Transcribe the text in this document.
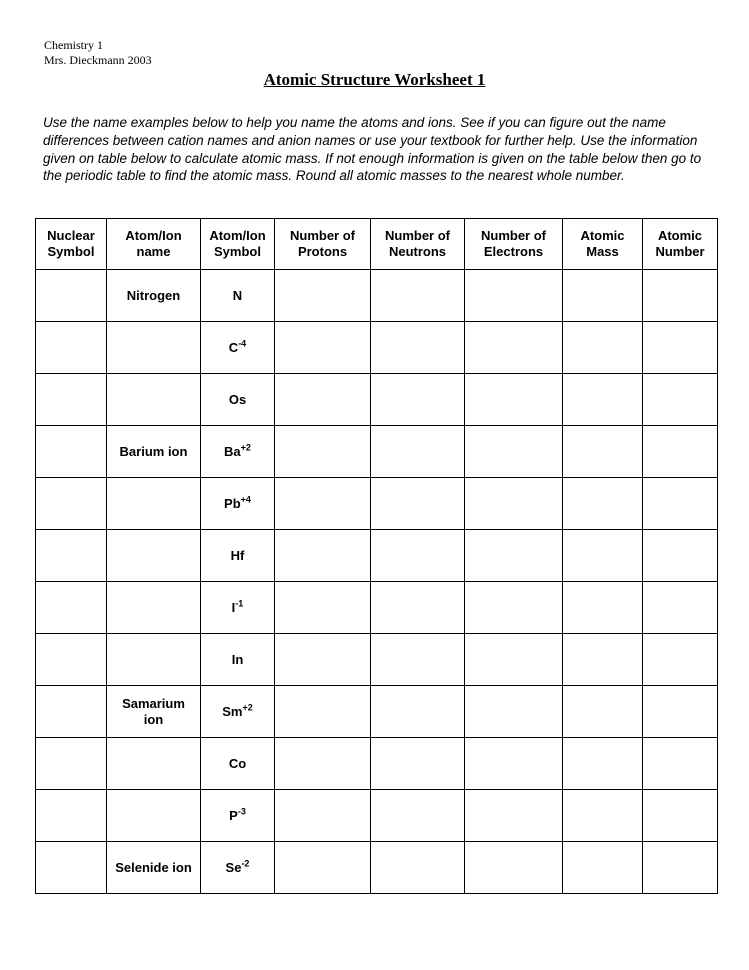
Chemistry 1
Mrs. Dieckmann 2003
Atomic Structure Worksheet 1
Use the name examples below to help you name the atoms and ions. See if you can figure out the name differences between cation names and anion names or use your textbook for further help. Use the information given on table below to calculate atomic mass. If not enough information is given on the table below then go to the periodic table to find the atomic mass. Round all atomic masses to the nearest whole number.
Nuclear Symbol	Atom/Ion name	Atom/Ion Symbol	Number of Protons	Number of Neutrons	Number of Electrons	Atomic Mass	Atomic Number
	Nitrogen	N					
		$C^{-4}$					
		Os					
	Barium ion	$Ba^{+2}$					
		$Pb^{+4}$					
		Hf					
		$I^{-1}$					
		In					
	Samarium ion	$Sm^{+2}$					
		Co					
		$P^{-3}$					
	Selenide ion	$Se^{-2}$					
